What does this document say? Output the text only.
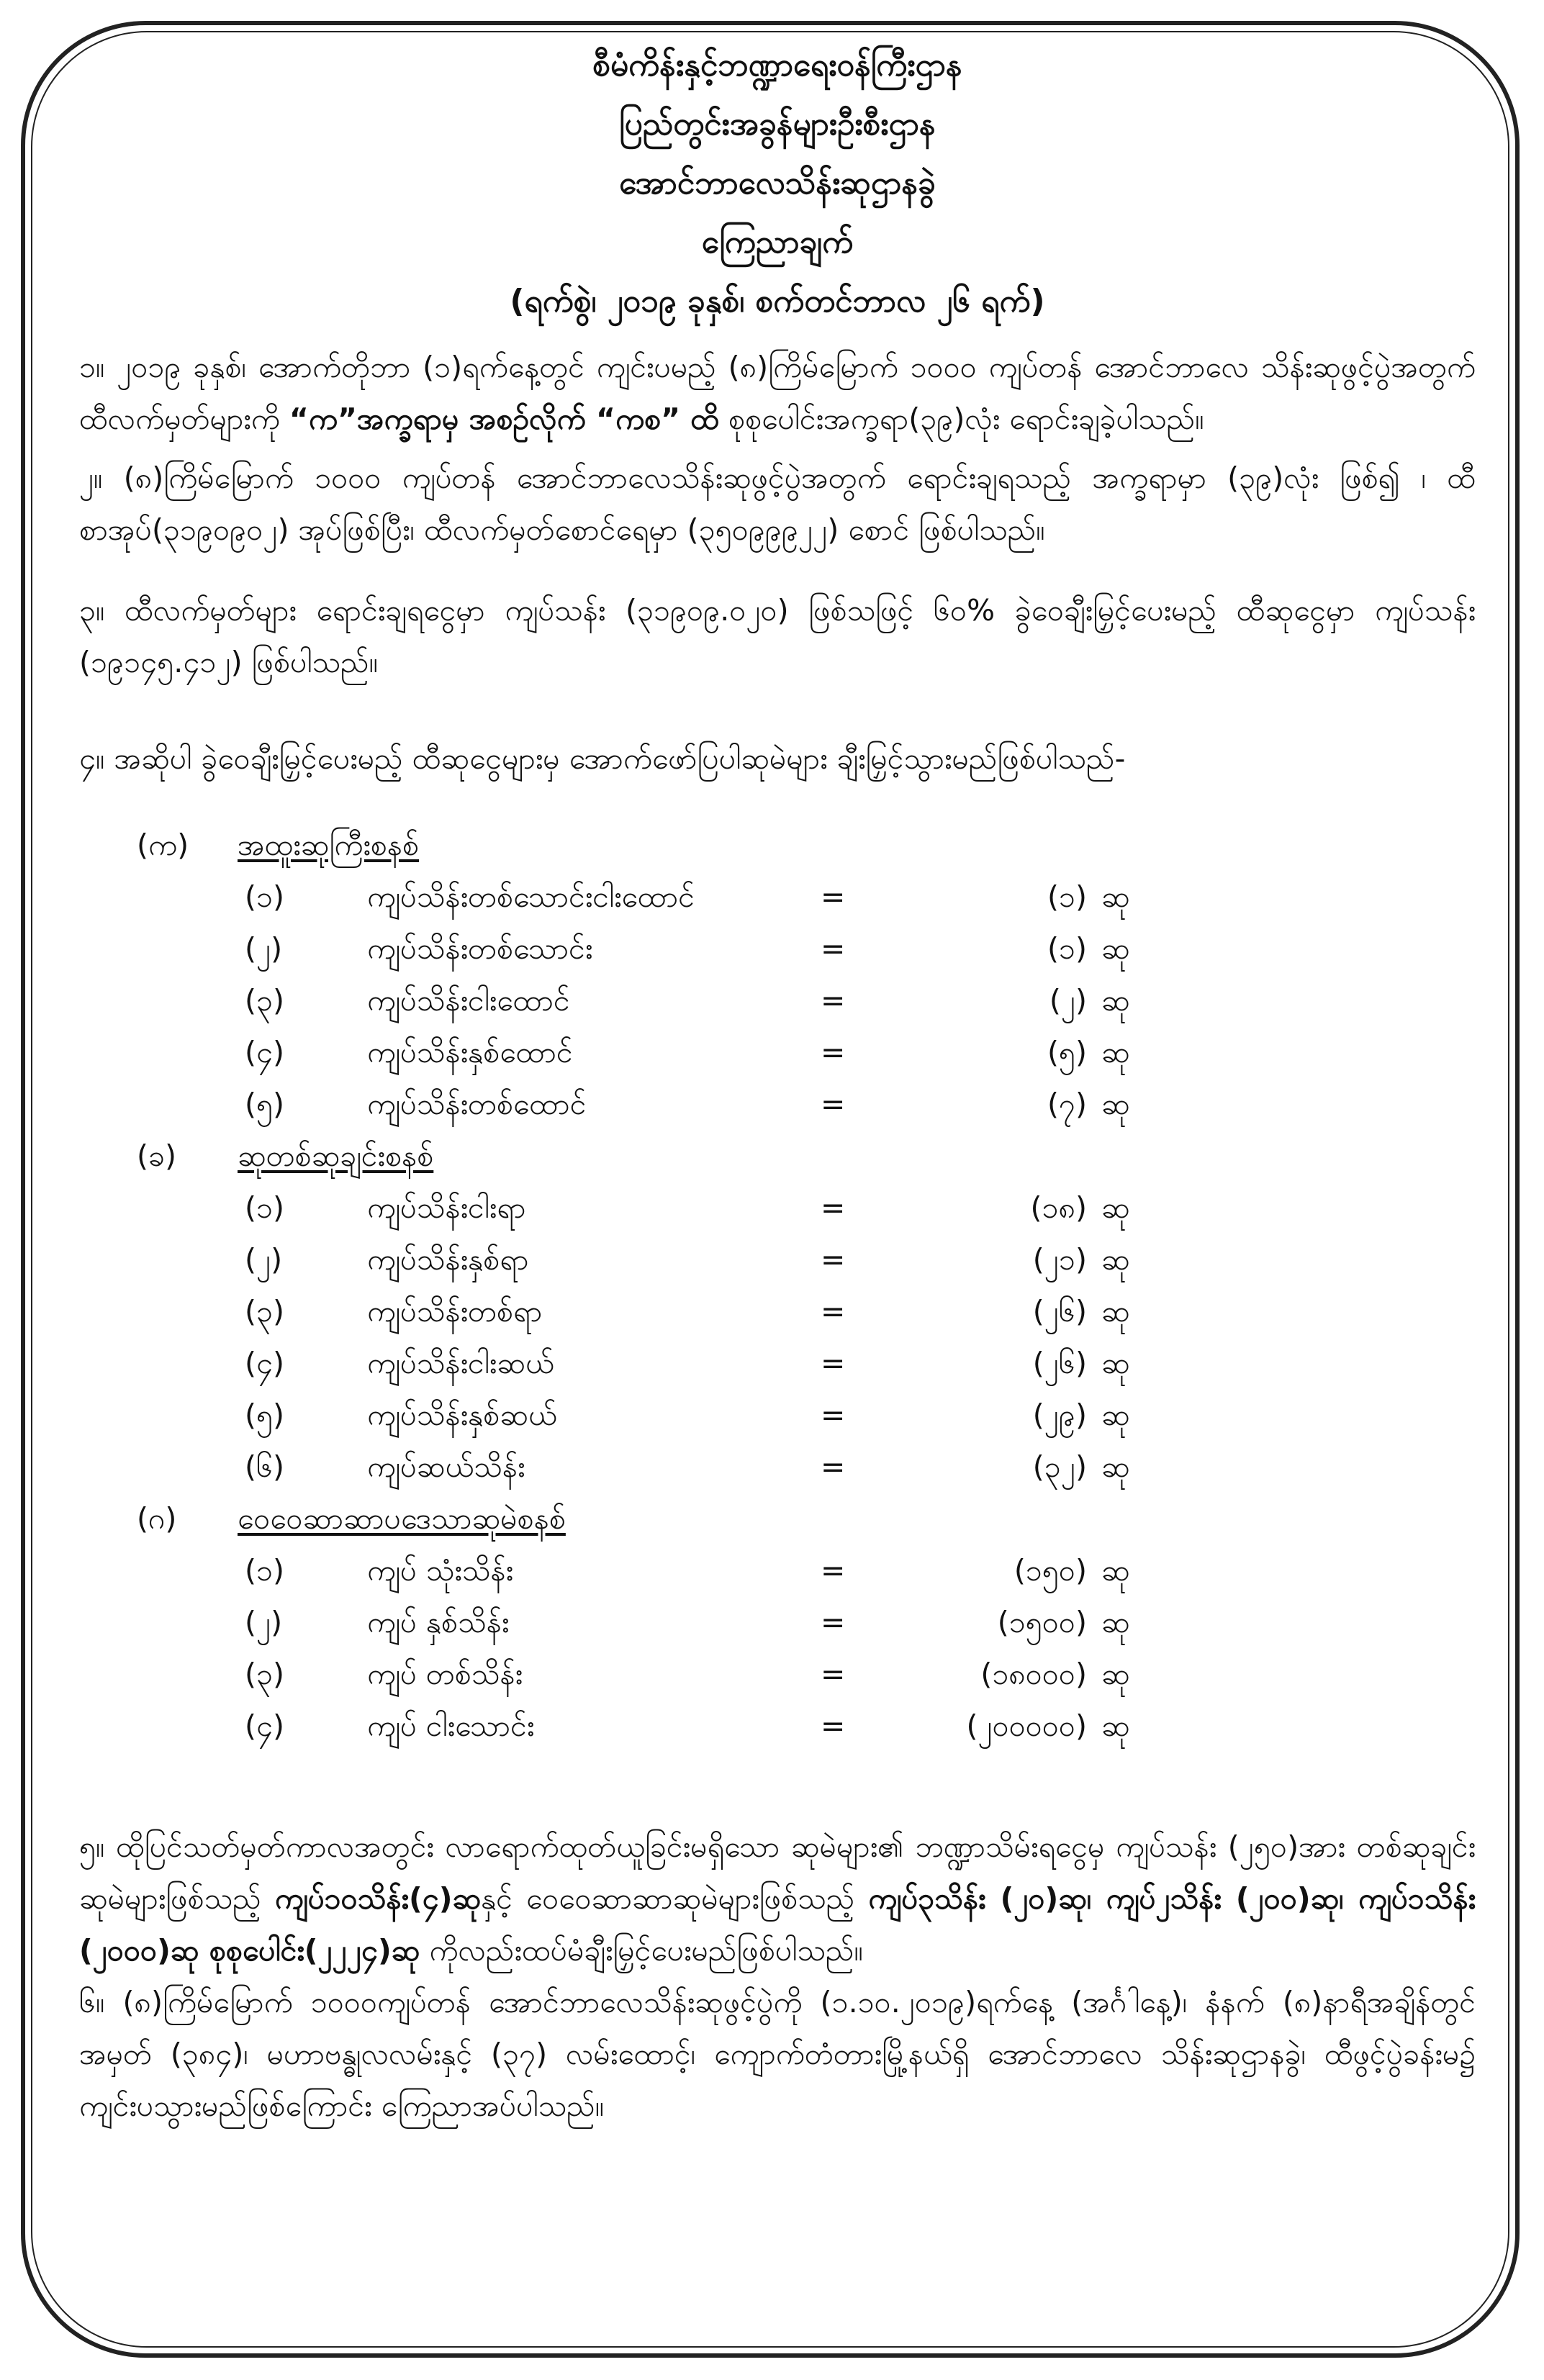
စီမံကိန်းနှင့်ဘဏ္ဍာရေးဝန်ကြီးဌာန
ပြည်တွင်းအခွန်များဦးစီးဌာန
အောင်ဘာလေသိန်းဆုဌာနခွဲ
ကြေညာချက်
(ရက်စွဲ၊ ၂၀၁၉ ခုနှစ်၊ စက်တင်ဘာလ ၂၆ ရက်)
၁။ ၂၀၁၉ ခုနှစ်၊ အောက်တိုဘာ (၁)ရက်နေ့တွင် ကျင်းပမည့် (၈)ကြိမ်မြောက် ၁၀၀၀ ကျပ်တန် အောင်ဘာလေ သိန်းဆုဖွင့်ပွဲအတွက် ထီလက်မှတ်များကို “က”အက္ခရာမှ အစဉ်လိုက် “ကစ” ထိ စုစုပေါင်းအက္ခရာ(၃၉)လုံး ရောင်းချခဲ့ပါသည်။
၂။ (၈)ကြိမ်မြောက် ၁၀၀၀ ကျပ်တန် အောင်ဘာလေသိန်းဆုဖွင့်ပွဲအတွက် ရောင်းချရသည့် အက္ခရာမှာ (၃၉)လုံး ဖြစ်၍ ၊ ထီစာအုပ်(၃၁၉၀၉၀၂) အုပ်ဖြစ်ပြီး၊ ထီလက်မှတ်စောင်ရေမှာ (၃၅၀၉၉၉၂၂) စောင် ဖြစ်ပါသည်။
၃။ ထီလက်မှတ်များ ရောင်းချရငွေမှာ ကျပ်သန်း (၃၁၉၀၉.၀၂၀) ဖြစ်သဖြင့် ၆၀% ခွဲဝေချီးမြှင့်ပေးမည့် ထီဆုငွေမှာ ကျပ်သန်း (၁၉၁၄၅.၄၁၂) ဖြစ်ပါသည်။
၄။ အဆိုပါ ခွဲဝေချီးမြှင့်ပေးမည့် ထီဆုငွေများမှ အောက်ဖော်ပြပါဆုမဲများ ချီးမြှင့်သွားမည်ဖြစ်ပါသည်-
(က) အထူးဆုကြီးစနစ်
(၁)	ကျပ်သိန်းတစ်သောင်းငါးထောင်	=	(၁) ဆု
(၂)	ကျပ်သိန်းတစ်သောင်း	=	(၁) ဆု
(၃)	ကျပ်သိန်းငါးထောင်	=	(၂) ဆု
(၄)	ကျပ်သိန်းနှစ်ထောင်	=	(၅) ဆု
(၅)	ကျပ်သိန်းတစ်ထောင်	=	(၇) ဆု
(ခ) ဆုတစ်ဆုချင်းစနစ်
(၁)	ကျပ်သိန်းငါးရာ	=	(၁၈) ဆု
(၂)	ကျပ်သိန်းနှစ်ရာ	=	(၂၁) ဆု
(၃)	ကျပ်သိန်းတစ်ရာ	=	(၂၆) ဆု
(၄)	ကျပ်သိန်းငါးဆယ်	=	(၂၆) ဆု
(၅)	ကျပ်သိန်းနှစ်ဆယ်	=	(၂၉) ဆု
(၆)	ကျပ်ဆယ်သိန်း	=	(၃၂) ဆု
(ဂ) ဝေဝေဆာဆာပဒေသာဆုမဲစနစ်
(၁)	ကျပ် သုံးသိန်း	=	(၁၅၀) ဆု
(၂)	ကျပ် နှစ်သိန်း	=	(၁၅၀၀) ဆု
(၃)	ကျပ် တစ်သိန်း	=	(၁၈၀၀၀) ဆု
(၄)	ကျပ် ငါးသောင်း	=	(၂၀၀၀၀၀) ဆု
၅။ ထိုပြင်သတ်မှတ်ကာလအတွင်း လာရောက်ထုတ်ယူခြင်းမရှိသော ဆုမဲများ၏ ဘဏ္ဍာသိမ်းရငွေမှ ကျပ်သန်း (၂၅၀)အား တစ်ဆုချင်းဆုမဲများဖြစ်သည့် ကျပ်၁၀သိန်း(၄)ဆုနှင့် ဝေဝေဆာဆာဆုမဲများဖြစ်သည့် ကျပ်၃သိန်း (၂၀)ဆု၊ ကျပ်၂သိန်း (၂၀၀)ဆု၊ ကျပ်၁သိန်း (၂၀၀၀)ဆု စုစုပေါင်း(၂၂၂၄)ဆု ကိုလည်းထပ်မံချီးမြှင့်ပေးမည်ဖြစ်ပါသည်။
၆။ (၈)ကြိမ်မြောက် ၁၀၀၀ကျပ်တန် အောင်ဘာလေသိန်းဆုဖွင့်ပွဲကို (၁.၁၀.၂၀၁၉)ရက်နေ့ (အင်္ဂါနေ့)၊ နံနက် (၈)နာရီအချိန်တွင် အမှတ် (၃၈၄)၊ မဟာဗန္ဓုလလမ်းနှင့် (၃၇) လမ်းထောင့်၊ ကျောက်တံတားမြို့နယ်ရှိ အောင်ဘာလေ သိန်းဆုဌာနခွဲ၊ ထီဖွင့်ပွဲခန်းမ၌ ကျင်းပသွားမည်ဖြစ်ကြောင်း ကြေညာအပ်ပါသည်။
